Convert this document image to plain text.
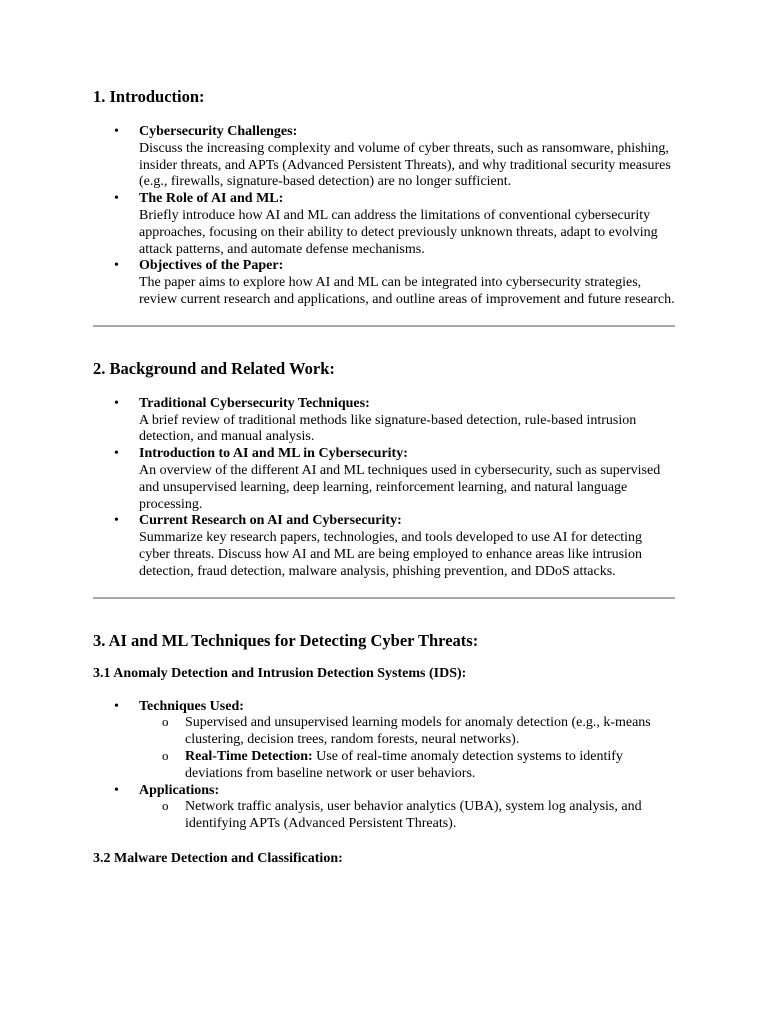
1. Introduction:
• Cybersecurity Challenges:
Discuss the increasing complexity and volume of cyber threats, such as ransomware, phishing, insider threats, and APTs (Advanced Persistent Threats), and why traditional security measures (e.g., firewalls, signature-based detection) are no longer sufficient.
• The Role of AI and ML:
Briefly introduce how AI and ML can address the limitations of conventional cybersecurity approaches, focusing on their ability to detect previously unknown threats, adapt to evolving attack patterns, and automate defense mechanisms.
• Objectives of the Paper:
The paper aims to explore how AI and ML can be integrated into cybersecurity strategies, review current research and applications, and outline areas of improvement and future research.
2. Background and Related Work:
• Traditional Cybersecurity Techniques:
A brief review of traditional methods like signature-based detection, rule-based intrusion detection, and manual analysis.
• Introduction to AI and ML in Cybersecurity:
An overview of the different AI and ML techniques used in cybersecurity, such as supervised and unsupervised learning, deep learning, reinforcement learning, and natural language processing.
• Current Research on AI and Cybersecurity:
Summarize key research papers, technologies, and tools developed to use AI for detecting cyber threats. Discuss how AI and ML are being employed to enhance areas like intrusion detection, fraud detection, malware analysis, phishing prevention, and DDoS attacks.
3. AI and ML Techniques for Detecting Cyber Threats:
3.1 Anomaly Detection and Intrusion Detection Systems (IDS):
• Techniques Used:
o Supervised and unsupervised learning models for anomaly detection (e.g., k-means clustering, decision trees, random forests, neural networks).
o Real-Time Detection: Use of real-time anomaly detection systems to identify deviations from baseline network or user behaviors.
• Applications:
o Network traffic analysis, user behavior analytics (UBA), system log analysis, and identifying APTs (Advanced Persistent Threats).
3.2 Malware Detection and Classification:
